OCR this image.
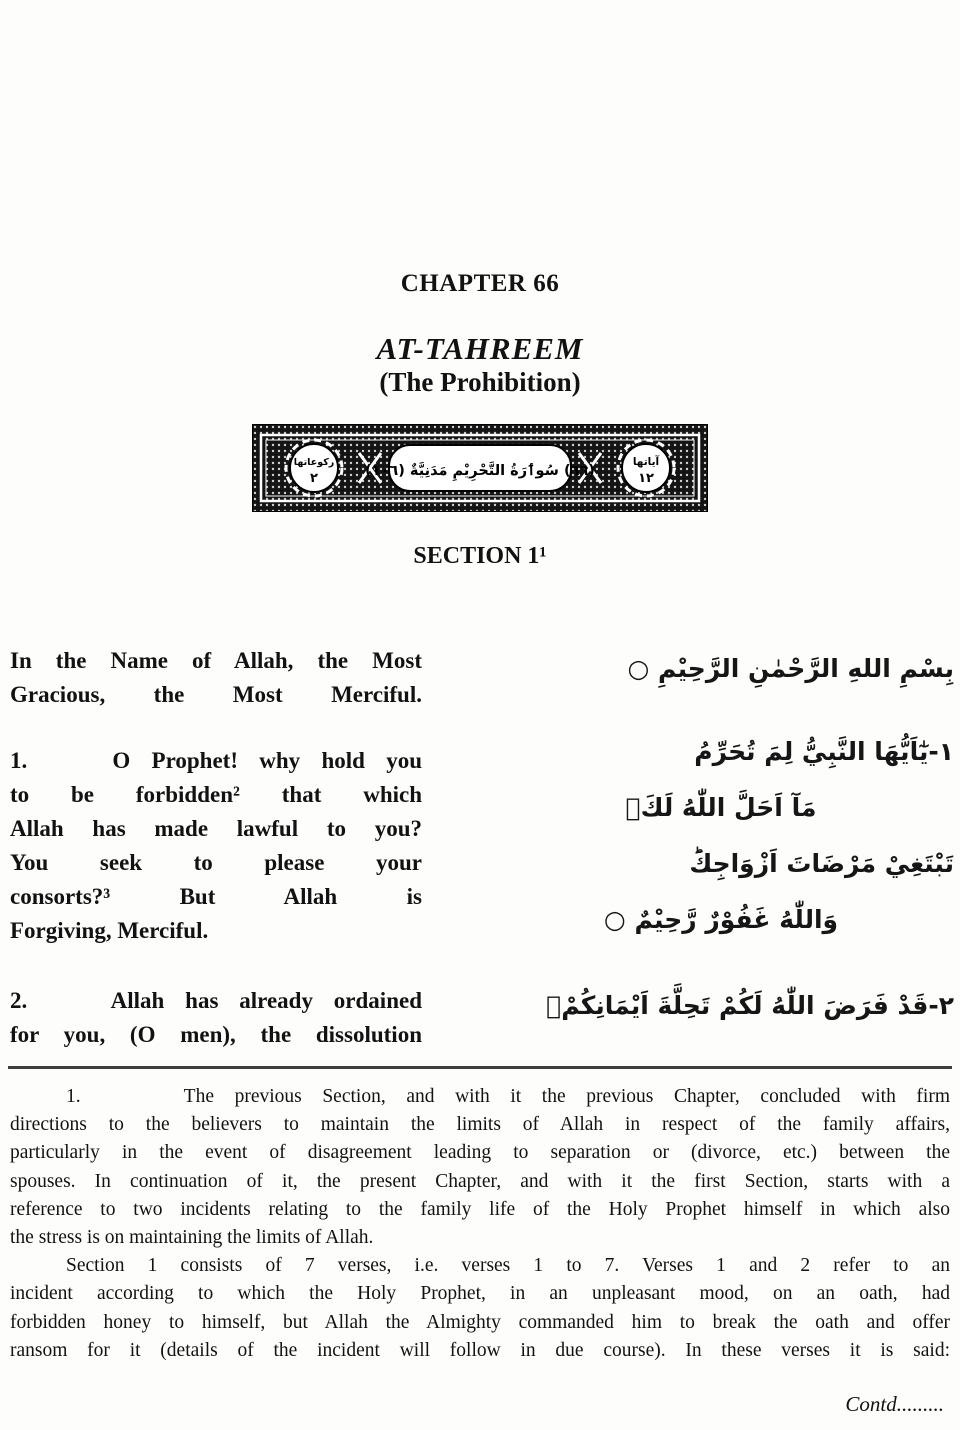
CHAPTER 66
AT-TAHREEM
(The Prohibition)
(٦٦) سُوٲرَةُ التَّحْرِيْمِ مَدَنِيَّةٌ (١٠٦)
ركوعاتها
٢
آياتها
١٢
SECTION 1¹
In the Name of Allah, the Most
Gracious, the Most Merciful.
1.    O Prophet! why hold you
to be forbidden² that which
Allah has made lawful to you?
You seek to please your
consorts?³ But Allah is
Forgiving, Merciful.
2.    Allah has already ordained
for you, (O men), the dissolution
بِسْمِ اللهِ الرَّحْمٰنِ الرَّحِيْمِ ○
١-يٰٓاَيُّهَا النَّبِيُّ لِمَ تُحَرِّمُ
مَآ اَحَلَّ اللّٰهُ لَكَۚ
تَبْتَغِيْ مَرْضَاتَ اَزْوَاجِكَؕ
وَاللّٰهُ غَفُوْرٌ رَّحِيْمٌ ○
٢-قَدْ فَرَضَ اللّٰهُ لَكُمْ تَحِلَّةَ اَيْمَانِكُمْۚ
1.     The previous Section, and with it the previous Chapter, concluded with firm
directions to the believers to maintain the limits of Allah in respect of the family affairs,
particularly in the event of disagreement leading to separation or (divorce, etc.) between the
spouses. In continuation of it, the present Chapter, and with it the first Section, starts with a
reference to two incidents relating to the family life of the Holy Prophet himself in which also
the stress is on maintaining the limits of Allah.
Section 1 consists of 7 verses, i.e. verses 1 to 7. Verses 1 and 2 refer to an
incident according to which the Holy Prophet, in an unpleasant mood, on an oath, had
forbidden honey to himself, but Allah the Almighty commanded him to break the oath and offer
ransom for it (details of the incident will follow in due course). In these verses it is said:
Contd.........
